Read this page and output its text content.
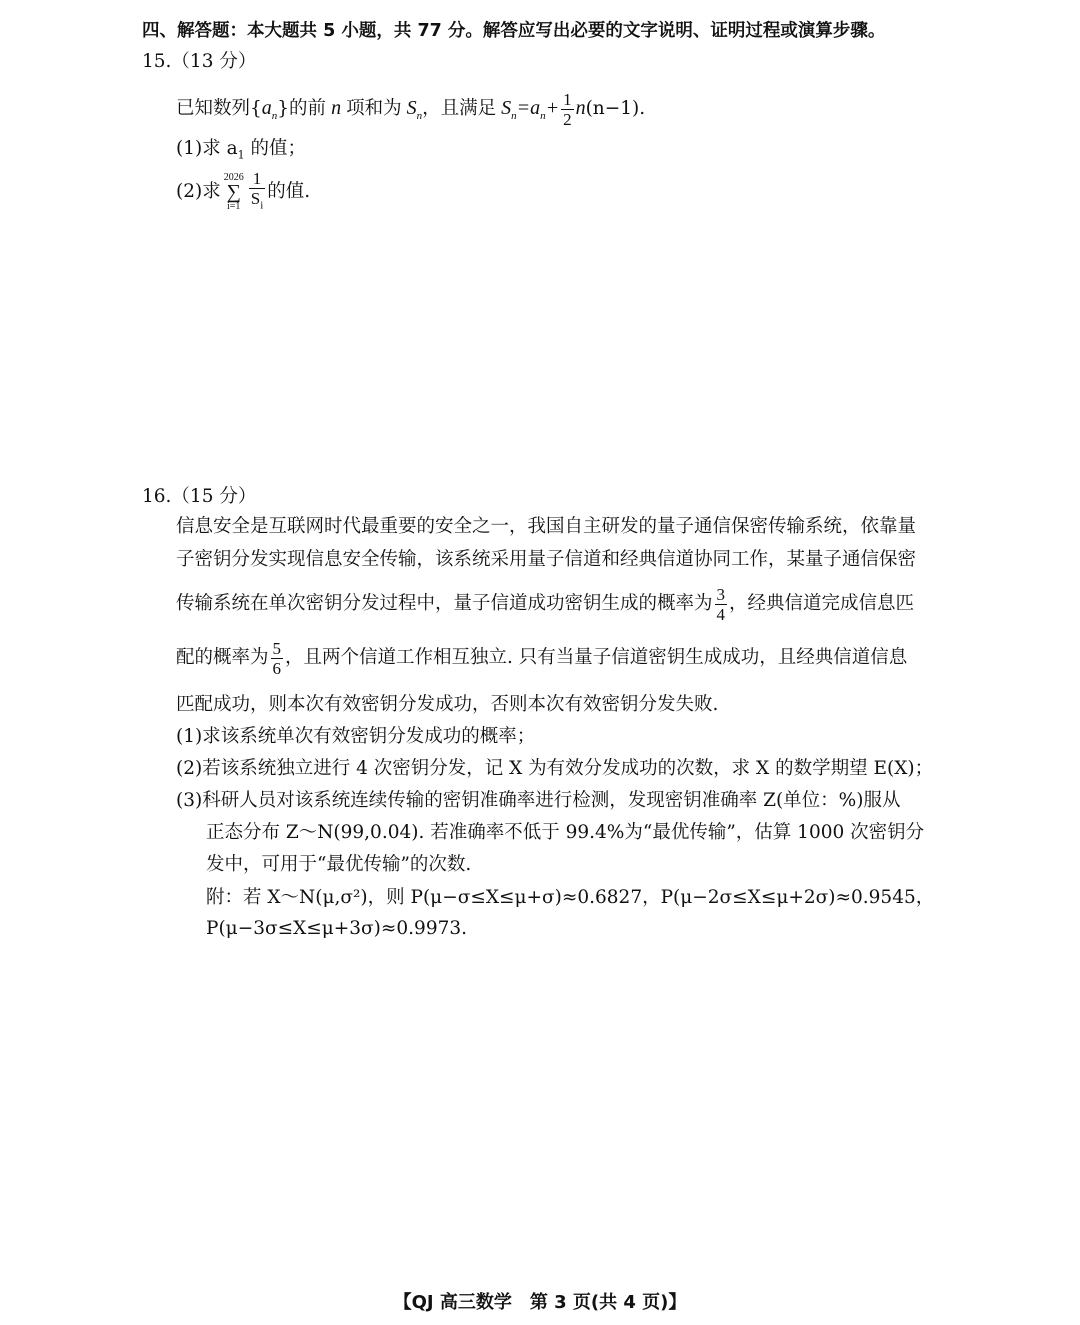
四、解答题：本大题共 5 小题，共 77 分。解答应写出必要的文字说明、证明过程或演算步骤。
15.（13 分）
已知数列$\{a_n\}$的前 n 项和为 $S_n$，且满足 $S_n=a_n+ \frac{1}{2} n(n-1)$.
(1)求 $a_1$ 的值；
(2)求
2026
∑
$i=1 \frac{1}{S_i}$ 的值.
16.（15 分）
信息安全是互联网时代最重要的安全之一，我国自主研发的量子通信保密传输系统，依靠量
子密钥分发实现信息安全传输，该系统采用量子信道和经典信道协同工作，某量子通信保密
传输系统在单次密钥分发过程中，量子信道成功密钥生成的概率为 $\frac{3}{4}$ ，经典信道完成信息匹
配的概率为 $\frac{5}{6}$ ，且两个信道工作相互独立. 只有当量子信道密钥生成成功，且经典信道信息
匹配成功，则本次有效密钥分发成功，否则本次有效密钥分发失败.
(1)求该系统单次有效密钥分发成功的概率；
(2)若该系统独立进行 4 次密钥分发，记 X 为有效分发成功的次数，求 X 的数学期望 E(X)；
(3)科研人员对该系统连续传输的密钥准确率进行检测，发现密钥准确率 Z(单位：%)服从
正态分布 Z～N(99,0.04). 若准确率不低于 99.4%为“最优传输”，估算 1000 次密钥分
发中，可用于“最优传输”的次数.
附：若 X～N(μ,σ²)，则 P(μ−σ≤X≤μ+σ)≈0.6827，P(μ−2σ≤X≤μ+2σ)≈0.9545，
P(μ−3σ≤X≤μ+3σ)≈0.9973.
【QJ 高三数学　第 3 页(共 4 页)】
